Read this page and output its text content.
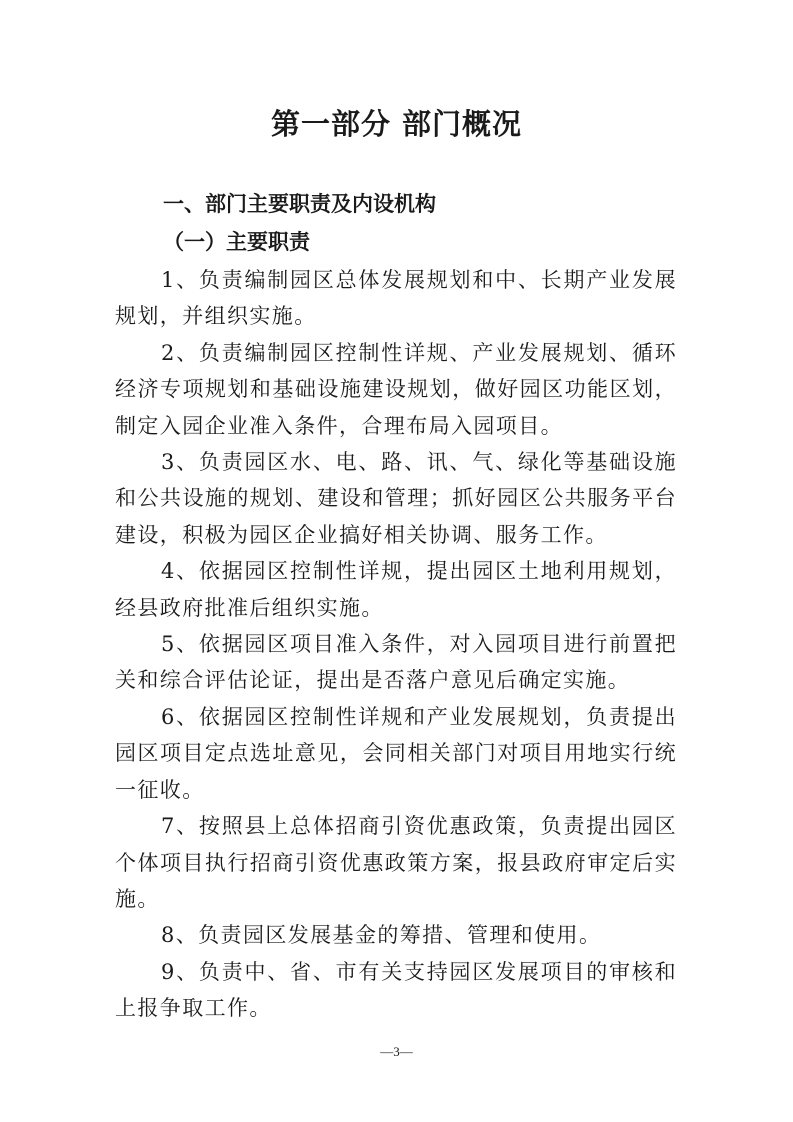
第一部分 部门概况
一、部门主要职责及内设机构
（一）主要职责

1、负责编制园区总体发展规划和中、长期产业发展规划，并组织实施。

2、负责编制园区控制性详规、产业发展规划、循环经济专项规划和基础设施建设规划，做好园区功能区划，制定入园企业准入条件，合理布局入园项目。

3、负责园区水、电、路、讯、气、绿化等基础设施和公共设施的规划、建设和管理；抓好园区公共服务平台建设，积极为园区企业搞好相关协调、服务工作。

4、依据园区控制性详规，提出园区土地利用规划，经县政府批准后组织实施。

5、依据园区项目准入条件，对入园项目进行前置把关和综合评估论证，提出是否落户意见后确定实施。

6、依据园区控制性详规和产业发展规划，负责提出园区项目定点选址意见，会同相关部门对项目用地实行统一征收。

7、按照县上总体招商引资优惠政策，负责提出园区个体项目执行招商引资优惠政策方案，报县政府审定后实施。

8、负责园区发展基金的筹措、管理和使用。

9、负责中、省、市有关支持园区发展项目的审核和上报争取工作。

—3—
